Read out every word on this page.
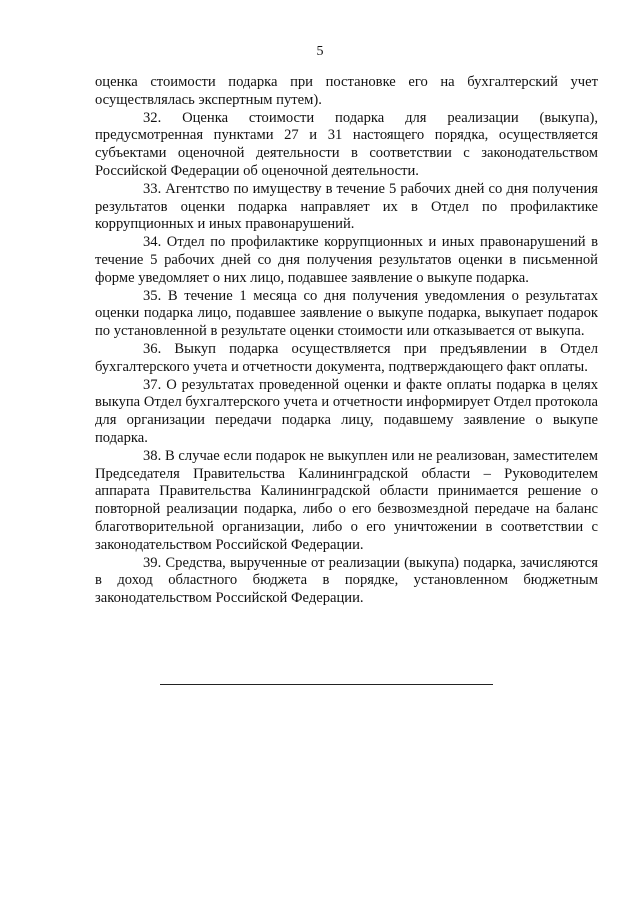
5

оценка стоимости подарка при постановке его на бухгалтерский учет осуществлялась экспертным путем).

32. Оценка стоимости подарка для реализации (выкупа), предусмотренная пунктами 27 и 31 настоящего порядка, осуществляется субъектами оценочной деятельности в соответствии с законодательством Российской Федерации об оценочной деятельности.

33. Агентство по имуществу в течение 5 рабочих дней со дня получения результатов оценки подарка направляет их в Отдел по профилактике коррупционных и иных правонарушений.

34. Отдел по профилактике коррупционных и иных правонарушений в течение 5 рабочих дней со дня получения результатов оценки в письменной форме уведомляет о них лицо, подавшее заявление о выкупе подарка.

35. В течение 1 месяца со дня получения уведомления о результатах оценки подарка лицо, подавшее заявление о выкупе подарка, выкупает подарок по установленной в результате оценки стоимости или отказывается от выкупа.

36. Выкуп подарка осуществляется при предъявлении в Отдел бухгалтерского учета и отчетности документа, подтверждающего факт оплаты.

37. О результатах проведенной оценки и факте оплаты подарка в целях выкупа Отдел бухгалтерского учета и отчетности информирует Отдел протокола для организации передачи подарка лицу, подавшему заявление о выкупе подарка.

38. В случае если подарок не выкуплен или не реализован, заместителем Председателя Правительства Калининградской области – Руководителем аппарата Правительства Калининградской области принимается решение о повторной реализации подарка, либо о его безвозмездной передаче на баланс благотворительной организации, либо о его уничтожении в соответствии с законодательством Российской Федерации.

39. Средства, вырученные от реализации (выкупа) подарка, зачисляются в доход областного бюджета в порядке, установленном бюджетным законодательством Российской Федерации.
